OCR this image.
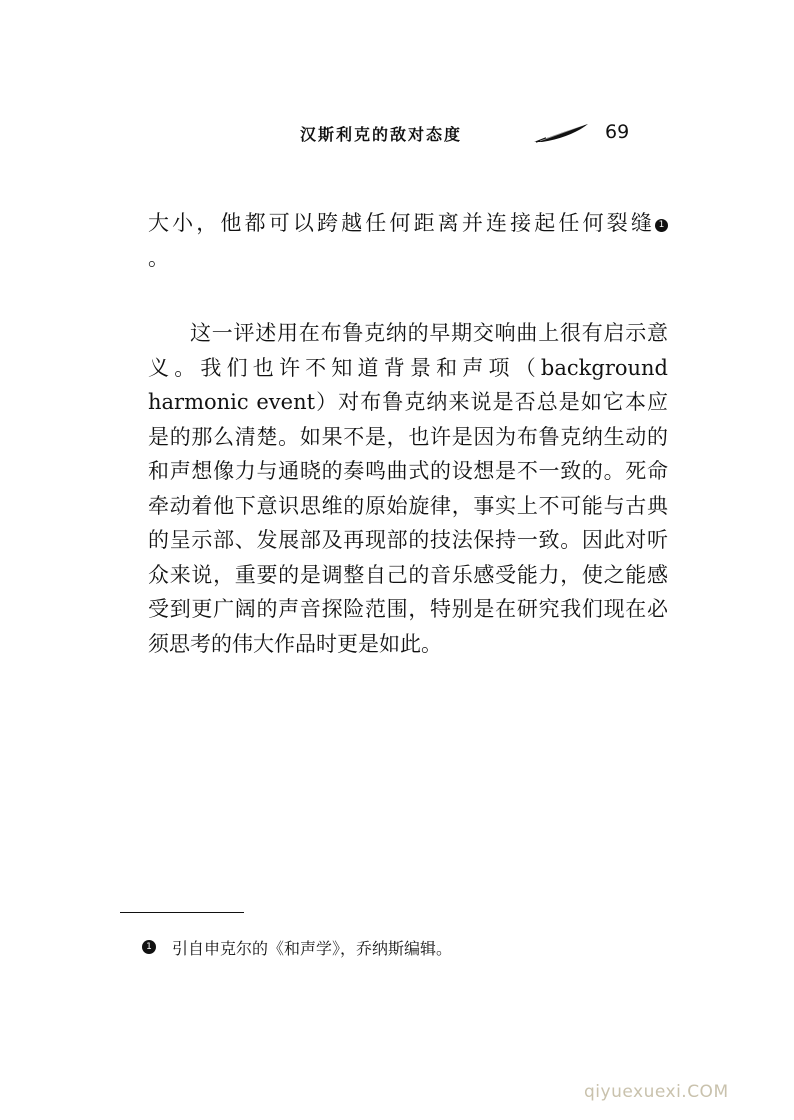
汉斯利克的敌对态度	69

大小，他都可以跨越任何距离并连接起任何裂缝 1。

这一评述用在布鲁克纳的早期交响曲上很有启示意义。我们也许不知道背景和声项（background harmonic event）对布鲁克纳来说是否总是如它本应是的那么清楚。如果不是，也许是因为布鲁克纳生动的和声想像力与通晓的奏鸣曲式的设想是不一致的。死命牵动着他下意识思维的原始旋律，事实上不可能与古典的呈示部、发展部及再现部的技法保持一致。因此对听众来说，重要的是调整自己的音乐感受能力，使之能感受到更广阔的声音探险范围，特别是在研究我们现在必须思考的伟大作品时更是如此。

1 引自申克尔的《和声学》，乔纳斯编辑。
qiyuexuexi.COM
